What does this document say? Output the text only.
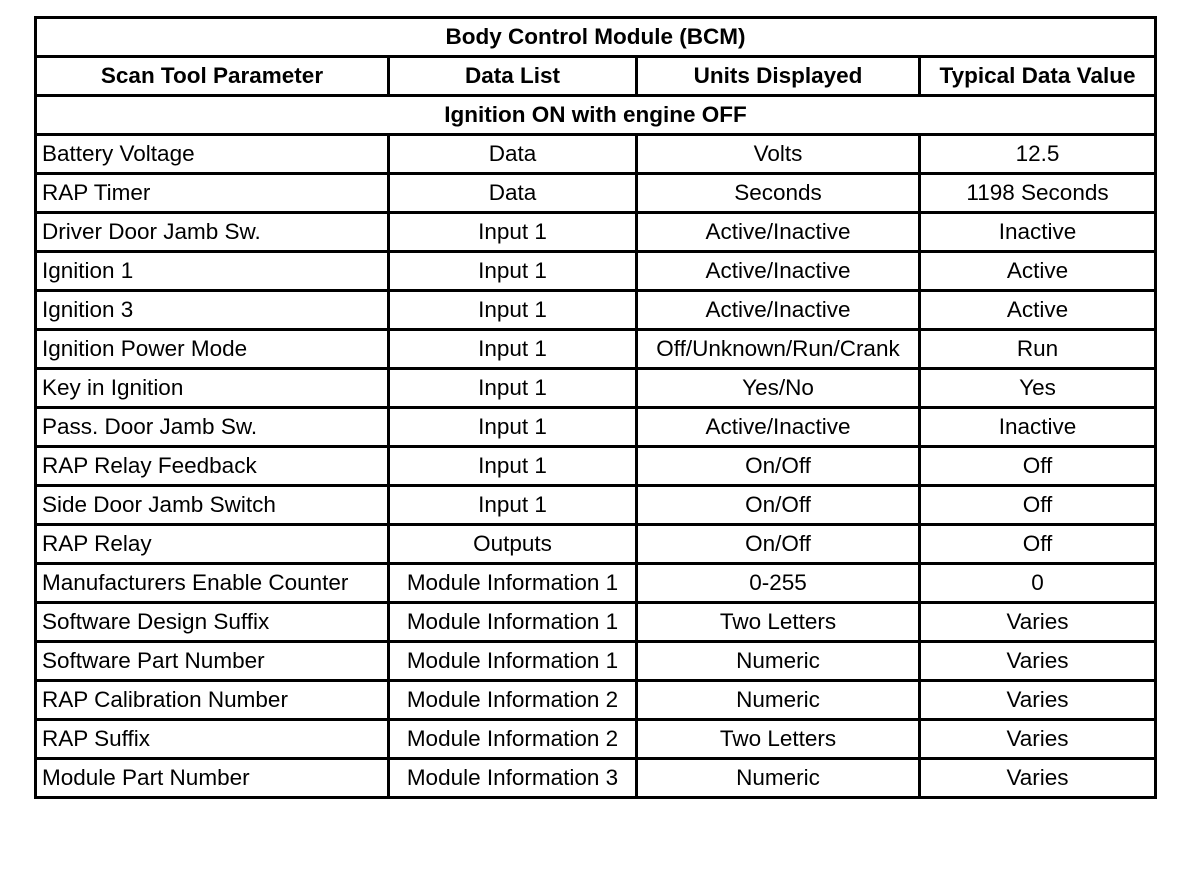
Body Control Module (BCM)			
Scan Tool Parameter	Data List	Units Displayed	Typical Data Value
Ignition ON with engine OFF			
Battery Voltage	Data	Volts	12.5
RAP Timer	Data	Seconds	1198 Seconds
Driver Door Jamb Sw.	Input 1	Active/Inactive	Inactive
Ignition 1	Input 1	Active/Inactive	Active
Ignition 3	Input 1	Active/Inactive	Active
Ignition Power Mode	Input 1	Off/Unknown/Run/Crank	Run
Key in Ignition	Input 1	Yes/No	Yes
Pass. Door Jamb Sw.	Input 1	Active/Inactive	Inactive
RAP Relay Feedback	Input 1	On/Off	Off
Side Door Jamb Switch	Input 1	On/Off	Off
RAP Relay	Outputs	On/Off	Off
Manufacturers Enable Counter	Module Information 1	0-255	0
Software Design Suffix	Module Information 1	Two Letters	Varies
Software Part Number	Module Information 1	Numeric	Varies
RAP Calibration Number	Module Information 2	Numeric	Varies
RAP Suffix	Module Information 2	Two Letters	Varies
Module Part Number	Module Information 3	Numeric	Varies
